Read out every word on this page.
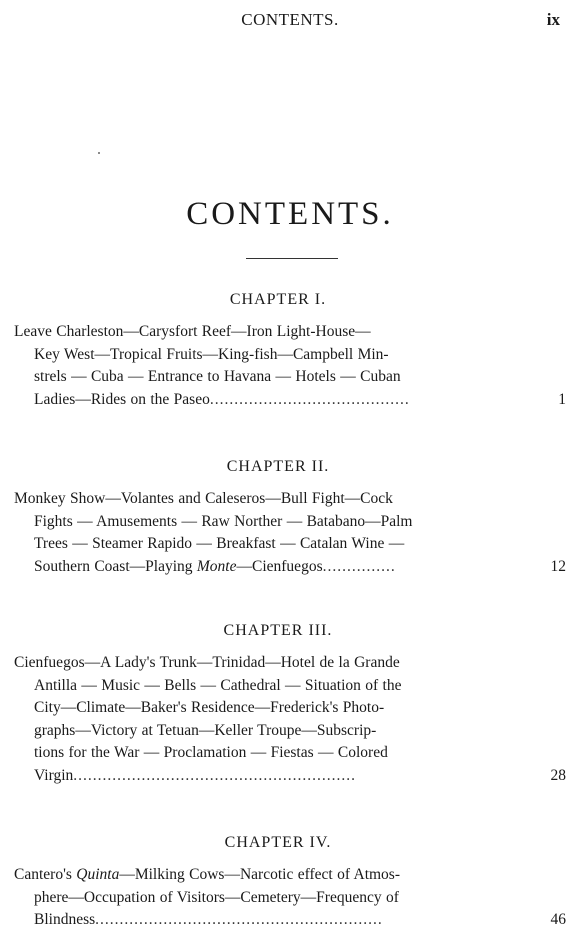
CONTENTS.	ix
CONTENTS.
CHAPTER I.
Leave Charleston—Carysfort Reef—Iron Light-House—
Key West—Tropical Fruits—King-fish—Campbell Min-
strels — Cuba — Entrance to Havana — Hotels — Cuban
Ladies—Rides on the Paseo.........................................	1
CHAPTER II.
Monkey Show—Volantes and Caleseros—Bull Fight—Cock
Fights — Amusements — Raw Norther — Batabano—Palm
Trees — Steamer Rapido — Breakfast — Catalan Wine —
Southern Coast—Playing Monte—Cienfuegos...............	12
CHAPTER III.
Cienfuegos—A Lady's Trunk—Trinidad—Hotel de la Grande
Antilla — Music — Bells — Cathedral — Situation of the
City—Climate—Baker's Residence—Frederick's Photo-
graphs—Victory at Tetuan—Keller Troupe—Subscrip-
tions for the War — Proclamation — Fiestas — Colored
Virgin..........................................................	28
CHAPTER IV.
Cantero's Quinta—Milking Cows—Narcotic effect of Atmos-
phere—Occupation of Visitors—Cemetery—Frequency of
Blindness...........................................................	46
